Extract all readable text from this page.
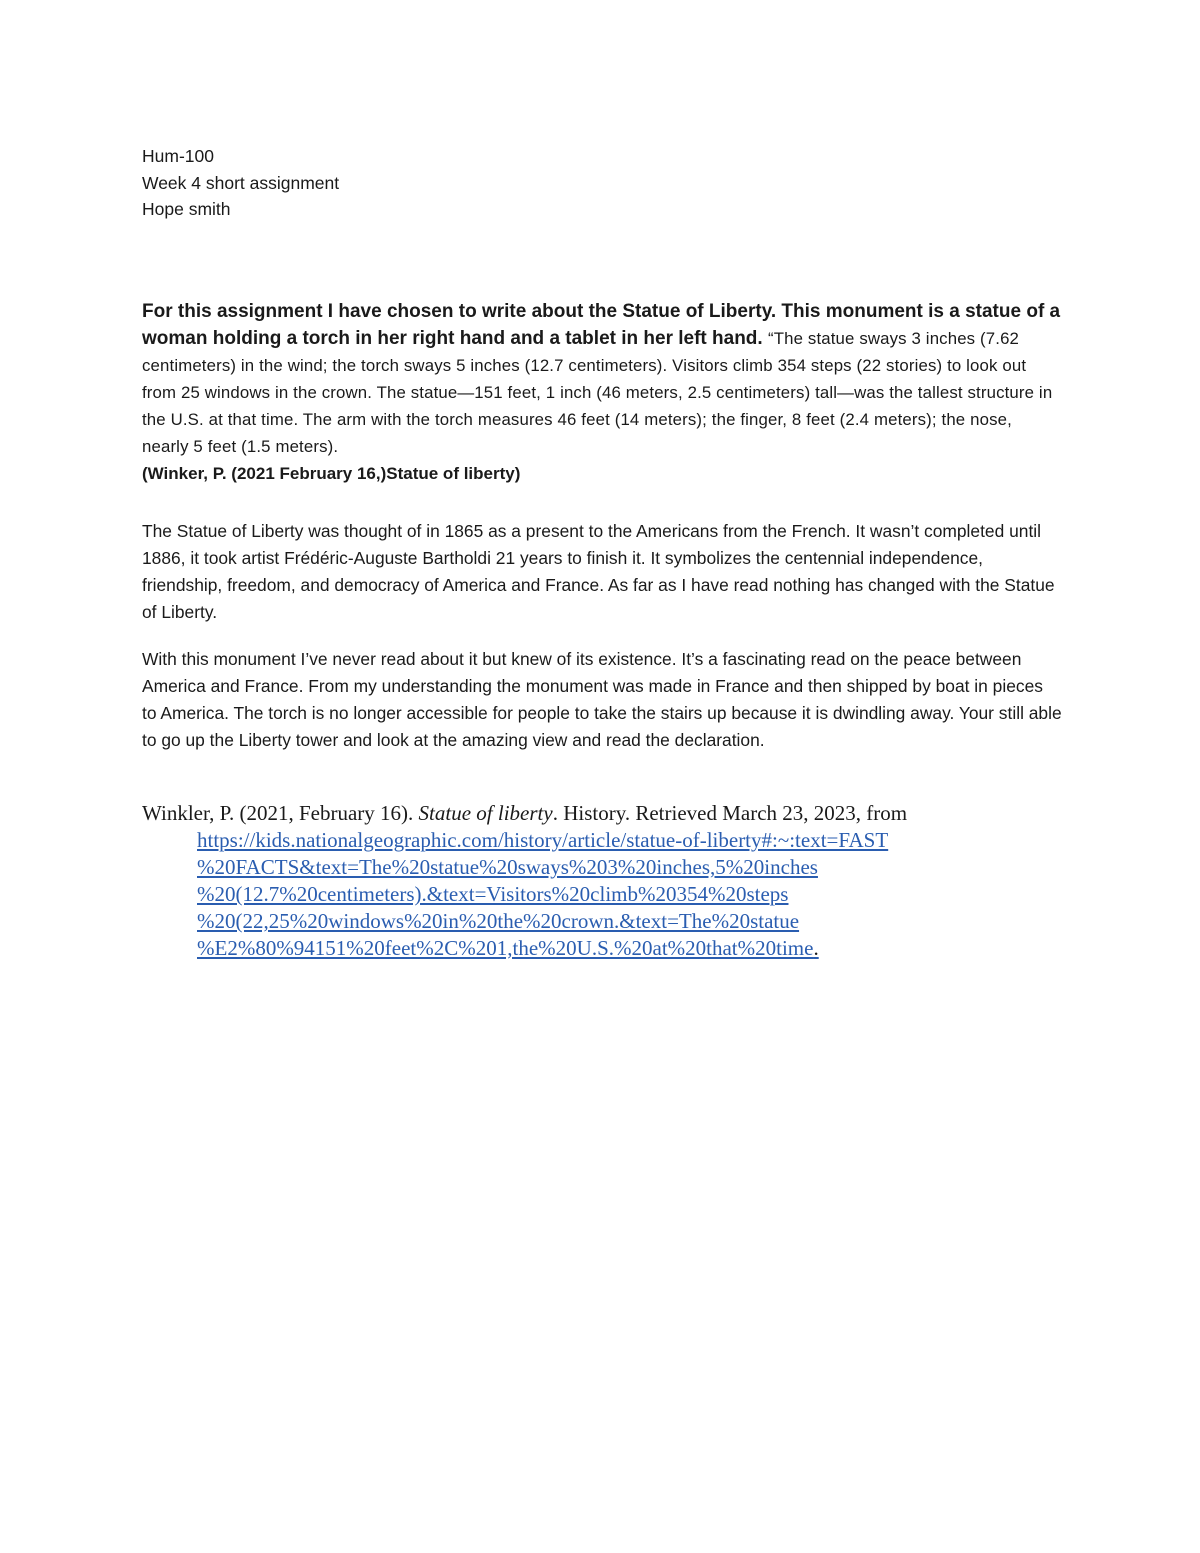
Hum-100
Week 4 short assignment
Hope smith
For this assignment I have chosen to write about the Statue of Liberty. This monument is a statue of a woman holding a torch in her right hand and a tablet in her left hand. “The statue sways 3 inches (7.62 centimeters) in the wind; the torch sways 5 inches (12.7 centimeters). Visitors climb 354 steps (22 stories) to look out from 25 windows in the crown. The statue—151 feet, 1 inch (46 meters, 2.5 centimeters) tall—was the tallest structure in the U.S. at that time. The arm with the torch measures 46 feet (14 meters); the finger, 8 feet (2.4 meters); the nose, nearly 5 feet (1.5 meters).
(Winker, P. (2021 February 16,)Statue of liberty)
The Statue of Liberty was thought of in 1865 as a present to the Americans from the French. It wasn’t completed until 1886, it took artist Frédéric-Auguste Bartholdi 21 years to finish it. It symbolizes the centennial independence, friendship, freedom, and democracy of America and France. As far as I have read nothing has changed with the Statue of Liberty.
With this monument I’ve never read about it but knew of its existence. It’s a fascinating read on the peace between America and France. From my understanding the monument was made in France and then shipped by boat in pieces to America. The torch is no longer accessible for people to take the stairs up because it is dwindling away. Your still able to go up the Liberty tower and look at the amazing view and read the declaration.
Winkler, P. (2021, February 16). Statue of liberty. History. Retrieved March 23, 2023, from
https://kids.nationalgeographic.com/history/article/statue-of-liberty#:~:text=FAST
%20FACTS&text=The%20statue%20sways%203%20inches,5%20inches
%20(12.7%20centimeters).&text=Visitors%20climb%20354%20steps
%20(22,25%20windows%20in%20the%20crown.&text=The%20statue
%E2%80%94151%20feet%2C%201,the%20U.S.%20at%20that%20time.
